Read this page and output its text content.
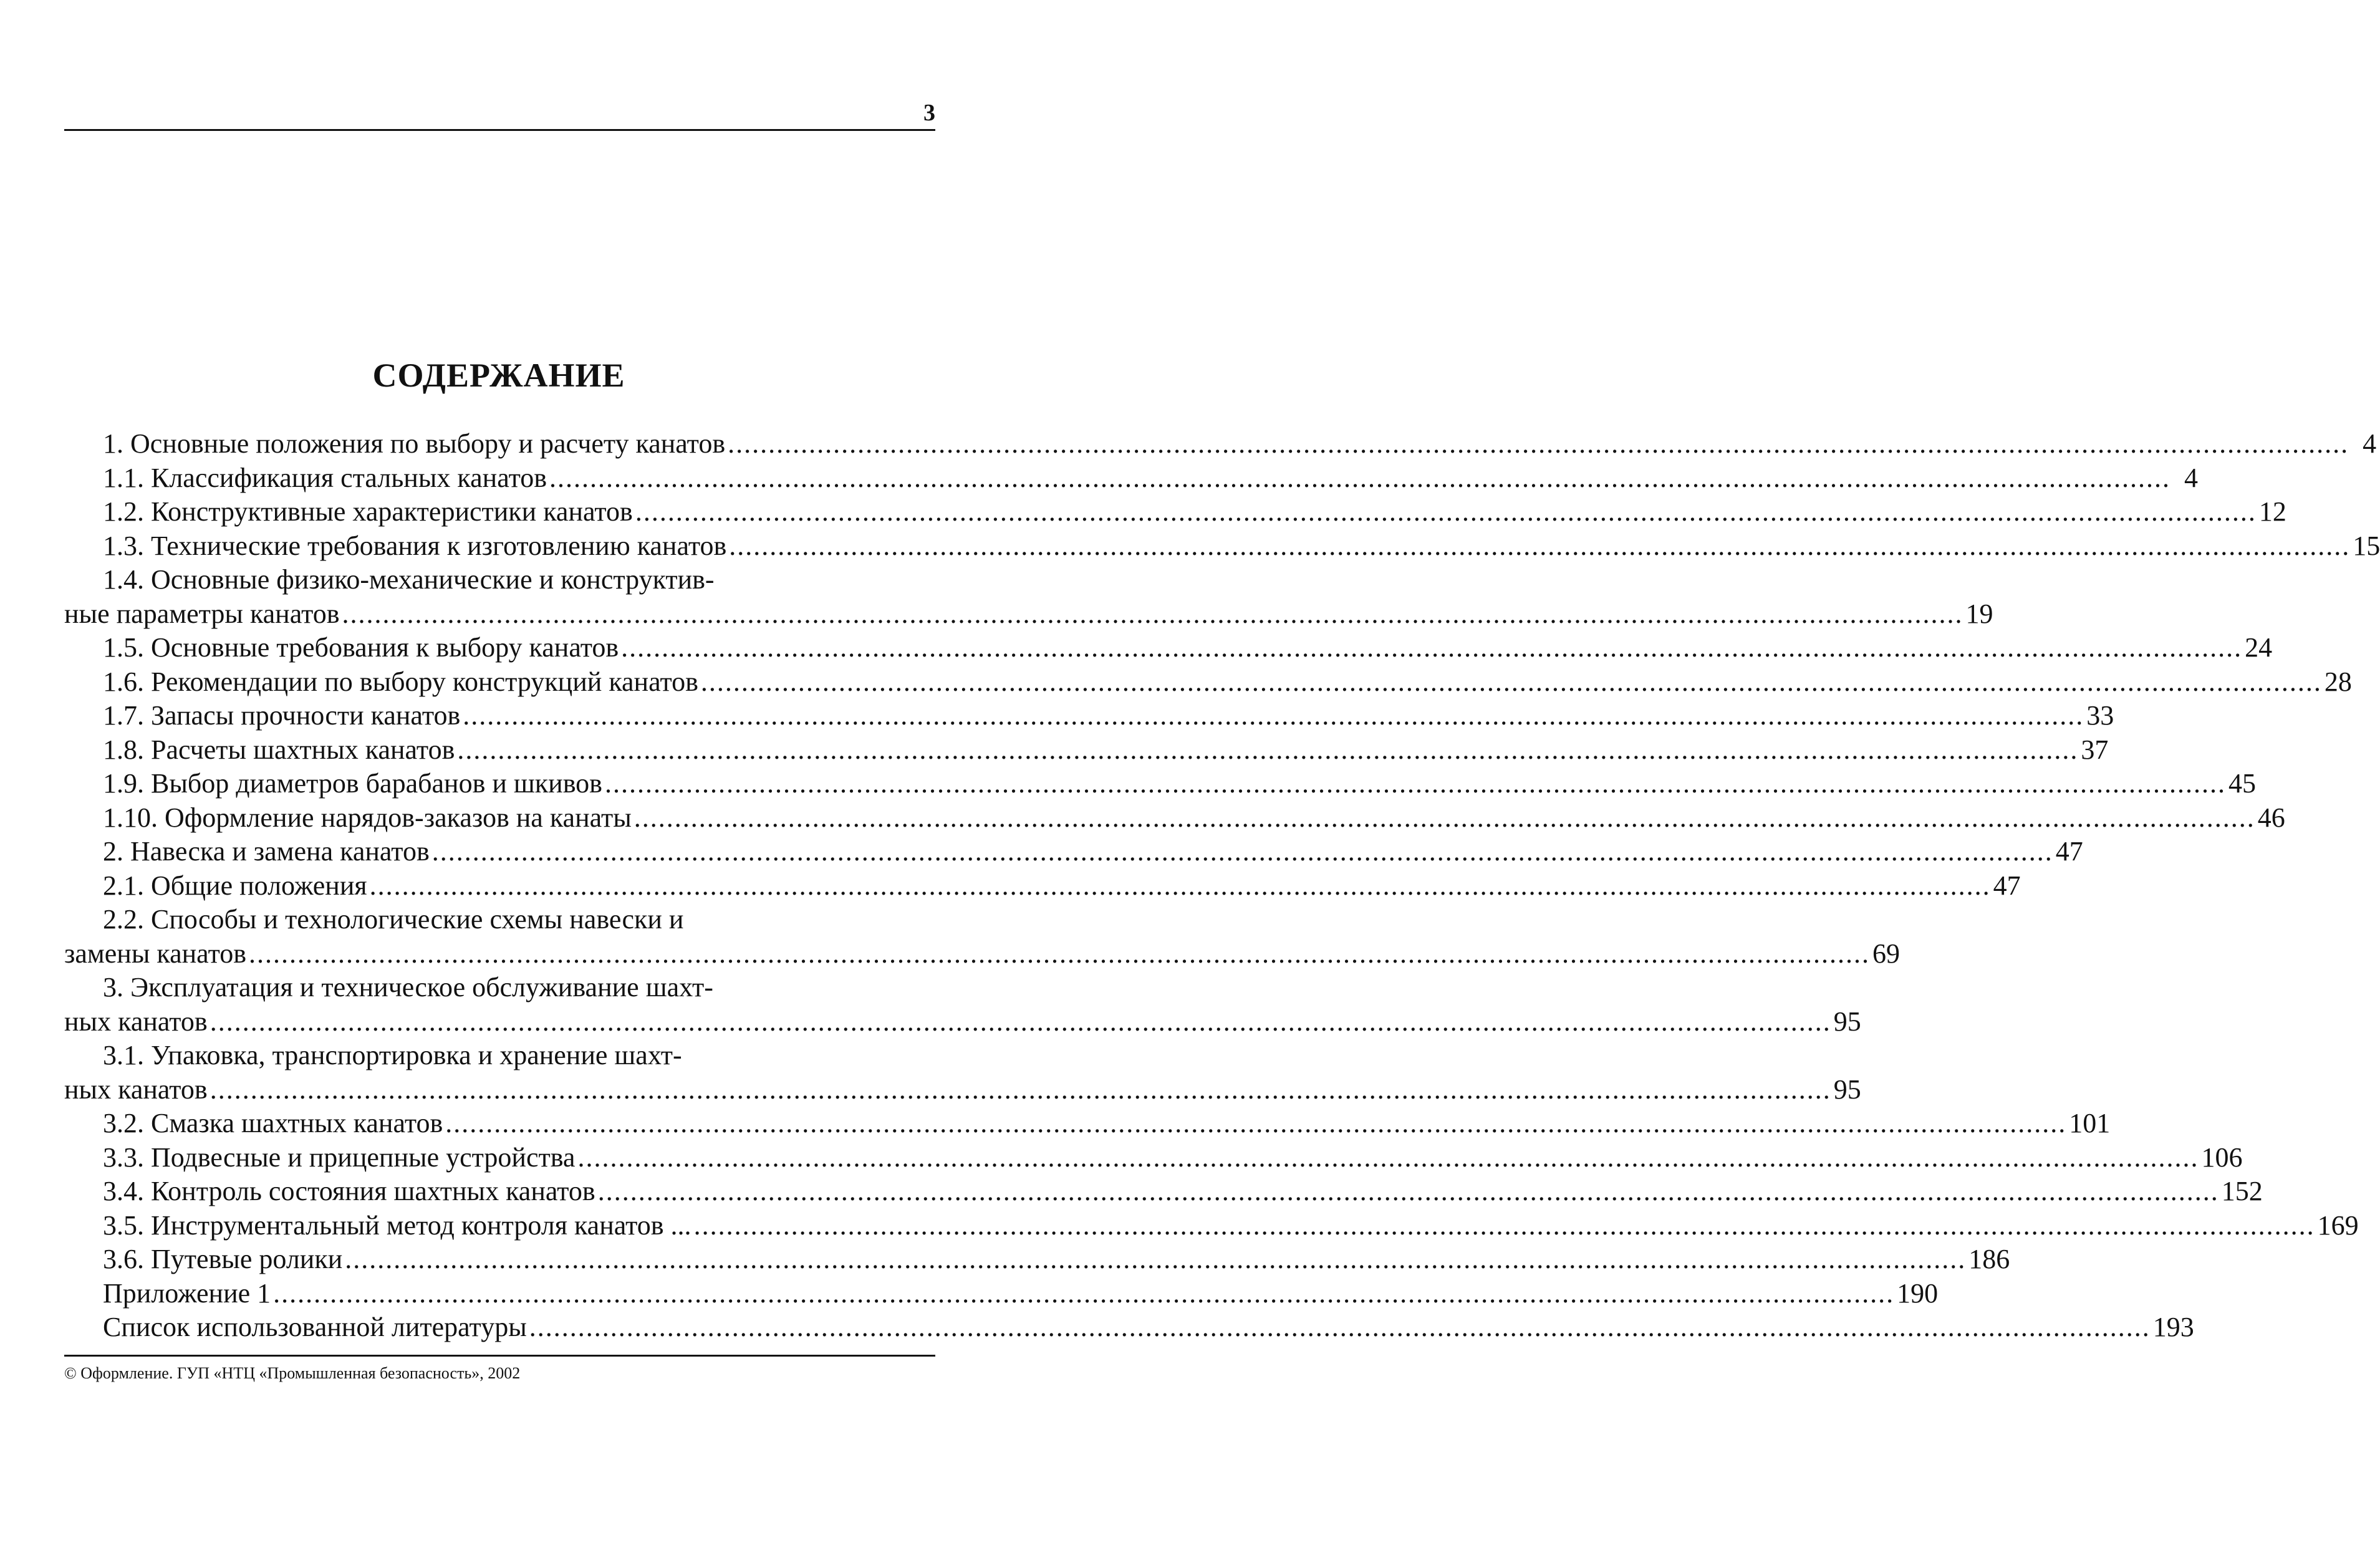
3
СОДЕРЖАНИЕ
1. Основные положения по выбору и расчету канатов ........................................................................................................................................................................................................ 4
1.1. Классификация стальных канатов ........................................................................................................................................................................................................ 4
1.2. Конструктивные характеристики канатов ........................................................................................................................................................................................................ 12
1.3. Технические требования к изготовлению канатов ........................................................................................................................................................................................................ 15
1.4. Основные физико-механические и конструктив-
ные параметры канатов ........................................................................................................................................................................................................ 19
1.5. Основные требования к выбору канатов ........................................................................................................................................................................................................ 24
1.6. Рекомендации по выбору конструкций канатов ........................................................................................................................................................................................................ 28
1.7. Запасы прочности канатов ........................................................................................................................................................................................................ 33
1.8. Расчеты шахтных канатов ........................................................................................................................................................................................................ 37
1.9. Выбор диаметров барабанов и шкивов ........................................................................................................................................................................................................ 45
1.10. Оформление нарядов-заказов на канаты ........................................................................................................................................................................................................ 46
2. Навеска и замена канатов ........................................................................................................................................................................................................ 47
2.1. Общие положения ........................................................................................................................................................................................................ 47
2.2. Способы и технологические схемы навески и
замены канатов ........................................................................................................................................................................................................ 69
3. Эксплуатация и техническое обслуживание шахт-
ных канатов ........................................................................................................................................................................................................ 95
3.1. Упаковка, транспортировка и хранение шахт-
ных канатов ........................................................................................................................................................................................................ 95
3.2. Смазка шахтных канатов ........................................................................................................................................................................................................ 101
3.3. Подвесные и прицепные устройства ........................................................................................................................................................................................................ 106
3.4. Контроль состояния шахтных канатов ........................................................................................................................................................................................................ 152
3.5. Инструментальный метод контроля канатов ... ........................................................................................................................................................................................................ 169
3.6. Путевые ролики ........................................................................................................................................................................................................ 186
Приложение 1 ........................................................................................................................................................................................................ 190
Список использованной литературы ........................................................................................................................................................................................................ 193
© Оформление. ГУП «НТЦ «Промышленная безопасность», 2002
